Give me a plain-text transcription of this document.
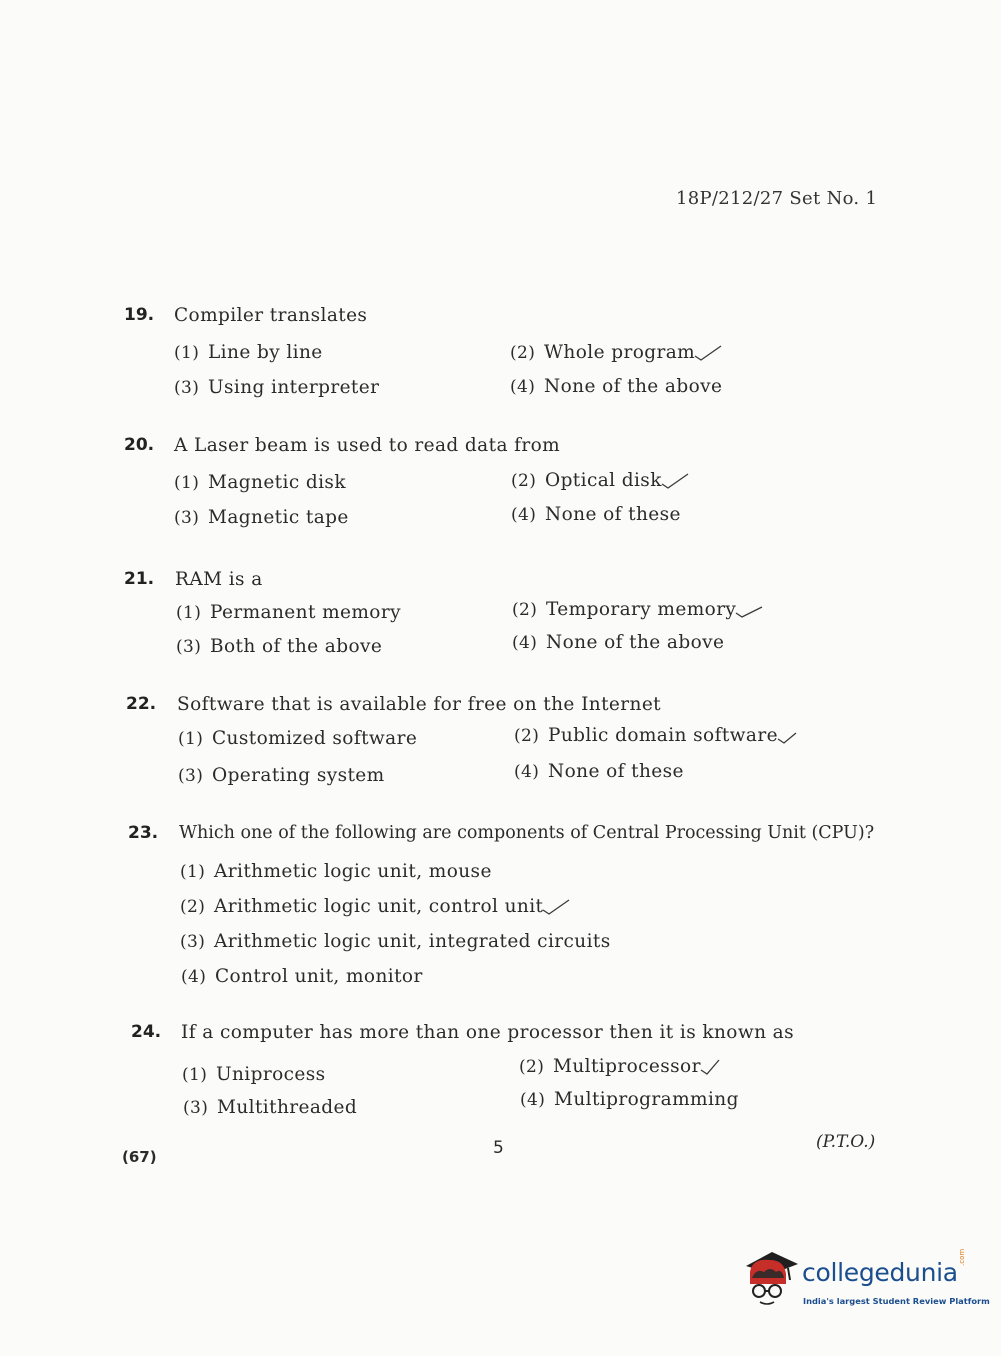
18P/212/27 Set No. 1
19. Compiler translates
(1) Line by line	(2) Whole program
(3) Using interpreter	(4) None of the above
20. A Laser beam is used to read data from
(1) Magnetic disk	(2) Optical disk
(3) Magnetic tape	(4) None of these
21. RAM is a
(1) Permanent memory	(2) Temporary memory
(3) Both of the above	(4) None of the above
22. Software that is available for free on the Internet
(1) Customized software	(2) Public domain software
(3) Operating system	(4) None of these
23. Which one of the following are components of Central Processing Unit (CPU)?
(1) Arithmetic logic unit, mouse
(2) Arithmetic logic unit, control unit
(3) Arithmetic logic unit, integrated circuits
(4) Control unit, monitor
24. If a computer has more than one processor then it is known as
(1) Uniprocess	(2) Multiprocessor
(3) Multithreaded	(4) Multiprogramming
(67)	5	(P.T.O.)
collegedunia
.com
India's largest Student Review Platform
